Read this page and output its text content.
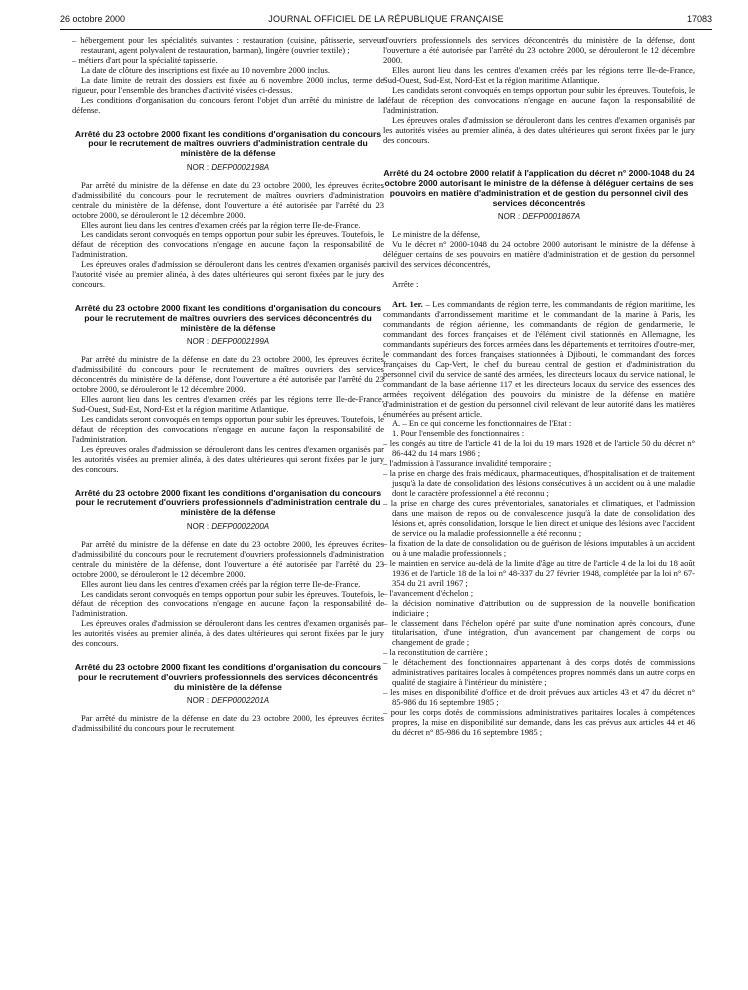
26 octobre 2000	JOURNAL OFFICIEL DE LA RÉPUBLIQUE FRANÇAISE	17083

– hébergement pour les spécialités suivantes : restauration (cuisine, pâtisserie, serveur restaurant, agent polyvalent de restauration, barman), lingère (ouvrier textile) ;

– métiers d'art pour la spécialité tapisserie.

La date de clôture des inscriptions est fixée au 10 novembre 2000 inclus.

La date limite de retrait des dossiers est fixée au 6 novembre 2000 inclus, terme de rigueur, pour l'ensemble des branches d'activité visées ci-dessus.

Les conditions d'organisation du concours feront l'objet d'un arrêté du ministre de la défense.

Arrêté du 23 octobre 2000 fixant les conditions d'organisation du concours pour le recrutement de maîtres ouvriers d'administration centrale du ministère de la défense

NOR : DEFP0002198A

Par arrêté du ministre de la défense en date du 23 octobre 2000, les épreuves écrites d'admissibilité du concours pour le recrutement de maîtres ouvriers d'administration centrale du ministère de la défense, dont l'ouverture a été autorisée par l'arrêté du 23 octobre 2000, se dérouleront le 12 décembre 2000.

Elles auront lieu dans les centres d'examen créés par la région terre Ile-de-France.

Les candidats seront convoqués en temps opportun pour subir les épreuves. Toutefois, le défaut de réception des convocations n'engage en aucune façon la responsabilité de l'administration.

Les épreuves orales d'admission se dérouleront dans les centres d'examen organisés par l'autorité visée au premier alinéa, à des dates ultérieures qui seront fixées par le jury des concours.

Arrêté du 23 octobre 2000 fixant les conditions d'organisation du concours pour le recrutement de maîtres ouvriers des services déconcentrés du ministère de la défense

NOR : DEFP0002199A

Par arrêté du ministre de la défense en date du 23 octobre 2000, les épreuves écrites d'admissibilité du concours pour le recrutement de maîtres ouvriers des services déconcentrés du ministère de la défense, dont l'ouverture a été autorisée par l'arrêté du 23 octobre 2000, se dérouleront le 12 décembre 2000.

Elles auront lieu dans les centres d'examen créés par les régions terre Ile-de-France, Sud-Ouest, Sud-Est, Nord-Est et la région maritime Atlantique.

Les candidats seront convoqués en temps opportun pour subir les épreuves. Toutefois, le défaut de réception des convocations n'engage en aucune façon la responsabilité de l'administration.

Les épreuves orales d'admission se dérouleront dans les centres d'examen organisés par les autorités visées au premier alinéa, à des dates ultérieures qui seront fixées par le jury des concours.

Arrêté du 23 octobre 2000 fixant les conditions d'organisation du concours pour le recrutement d'ouvriers professionnels d'administration centrale du ministère de la défense

NOR : DEFP0002200A

Par arrêté du ministre de la défense en date du 23 octobre 2000, les épreuves écrites d'admissibilité du concours pour le recrutement d'ouvriers professionnels d'administration centrale du ministère de la défense, dont l'ouverture a été autorisée par l'arrêté du 23 octobre 2000, se dérouleront le 12 décembre 2000.

Elles auront lieu dans les centres d'examen créés par la région terre Ile-de-France.

Les candidats seront convoqués en temps opportun pour subir les épreuves. Toutefois, le défaut de réception des convocations n'engage en aucune façon la responsabilité de l'administration.

Les épreuves orales d'admission se dérouleront dans les centres d'examen organisés par les autorités visées au premier alinéa, à des dates ultérieures qui seront fixées par le jury des concours.

Arrêté du 23 octobre 2000 fixant les conditions d'organisation du concours pour le recrutement d'ouvriers professionnels des services déconcentrés du ministère de la défense

NOR : DEFP0002201A

Par arrêté du ministre de la défense en date du 23 octobre 2000, les épreuves écrites d'admissibilité du concours pour le recrutement

d'ouvriers professionnels des services déconcentrés du ministère de la défense, dont l'ouverture a été autorisée par l'arrêté du 23 octobre 2000, se dérouleront le 12 décembre 2000.

Elles auront lieu dans les centres d'examen créés par les régions terre Ile-de-France, Sud-Ouest, Sud-Est, Nord-Est et la région maritime Atlantique.

Les candidats seront convoqués en temps opportun pour subir les épreuves. Toutefois, le défaut de réception des convocations n'engage en aucune façon la responsabilité de l'administration.

Les épreuves orales d'admission se dérouleront dans les centres d'examen organisés par les autorités visées au premier alinéa, à des dates ultérieures qui seront fixées par le jury des concours.

Arrêté du 24 octobre 2000 relatif à l'application du décret n° 2000-1048 du 24 octobre 2000 autorisant le ministre de la défense à déléguer certains de ses pouvoirs en matière d'administration et de gestion du personnel civil des services déconcentrés

NOR : DEFP0001867A

Le ministre de la défense,

Vu le décret n° 2000-1048 du 24 octobre 2000 autorisant le ministre de la défense à déléguer certains de ses pouvoirs en matière d'administration et de gestion du personnel civil des services déconcentrés,

Arrête :

Art. 1er. – Les commandants de région terre, les commandants de région maritime, les commandants d'arrondissement maritime et le commandant de la marine à Paris, les commandants de région aérienne, les commandants de région de gendarmerie, le commandant des forces françaises et de l'élément civil stationnés en Allemagne, les commandants supérieurs des forces armées dans les départements et territoires d'outre-mer, le commandant des forces françaises stationnées à Djibouti, le commandant des forces françaises du Cap-Vert, le chef du bureau central de gestion et d'administration du personnel civil du service de santé des armées, les directeurs locaux du service national, le commandant de la base aérienne 117 et les directeurs locaux du service des essences des armées reçoivent délégation des pouvoirs du ministre de la défense en matière d'administration et de gestion du personnel civil relevant de leur autorité dans les matières énumérées au présent article.

A. – En ce qui concerne les fonctionnaires de l'Etat :

1. Pour l'ensemble des fonctionnaires :

– les congés au titre de l'article 41 de la loi du 19 mars 1928 et de l'article 50 du décret n° 86-442 du 14 mars 1986 ;

– l'admission à l'assurance invalidité temporaire ;

– la prise en charge des frais médicaux, pharmaceutiques, d'hospitalisation et de traitement jusqu'à la date de consolidation des lésions consécutives à un accident ou à une maladie dont le caractère professionnel a été reconnu ;

– la prise en charge des cures préventoriales, sanatoriales et climatiques, et l'admission dans une maison de repos ou de convalescence jusqu'à la date de consolidation des lésions et, après consolidation, lorsque le lien direct et unique des lésions avec l'accident de service ou la maladie professionnelle a été reconnu ;

– la fixation de la date de consolidation ou de guérison de lésions imputables à un accident ou à une maladie professionnels ;

– le maintien en service au-delà de la limite d'âge au titre de l'article 4 de la loi du 18 août 1936 et de l'article 18 de la loi n° 48-337 du 27 février 1948, complétée par la loi n° 67-354 du 21 avril 1967 ;

– l'avancement d'échelon ;

– la décision nominative d'attribution ou de suppression de la nouvelle bonification indiciaire ;

– le classement dans l'échelon opéré par suite d'une nomination après concours, d'une titularisation, d'une intégration, d'un avancement par changement de corps ou changement de grade ;

– la reconstitution de carrière ;

– le détachement des fonctionnaires appartenant à des corps dotés de commissions administratives paritaires locales à compétences propres nommés dans un autre corps en qualité de stagiaire à l'intérieur du ministère ;

– les mises en disponibilité d'office et de droit prévues aux articles 43 et 47 du décret n° 85-986 du 16 septembre 1985 ;

– pour les corps dotés de commissions administratives paritaires locales à compétences propres, la mise en disponibilité sur demande, dans les cas prévus aux articles 44 et 46 du décret n° 85-986 du 16 septembre 1985 ;
